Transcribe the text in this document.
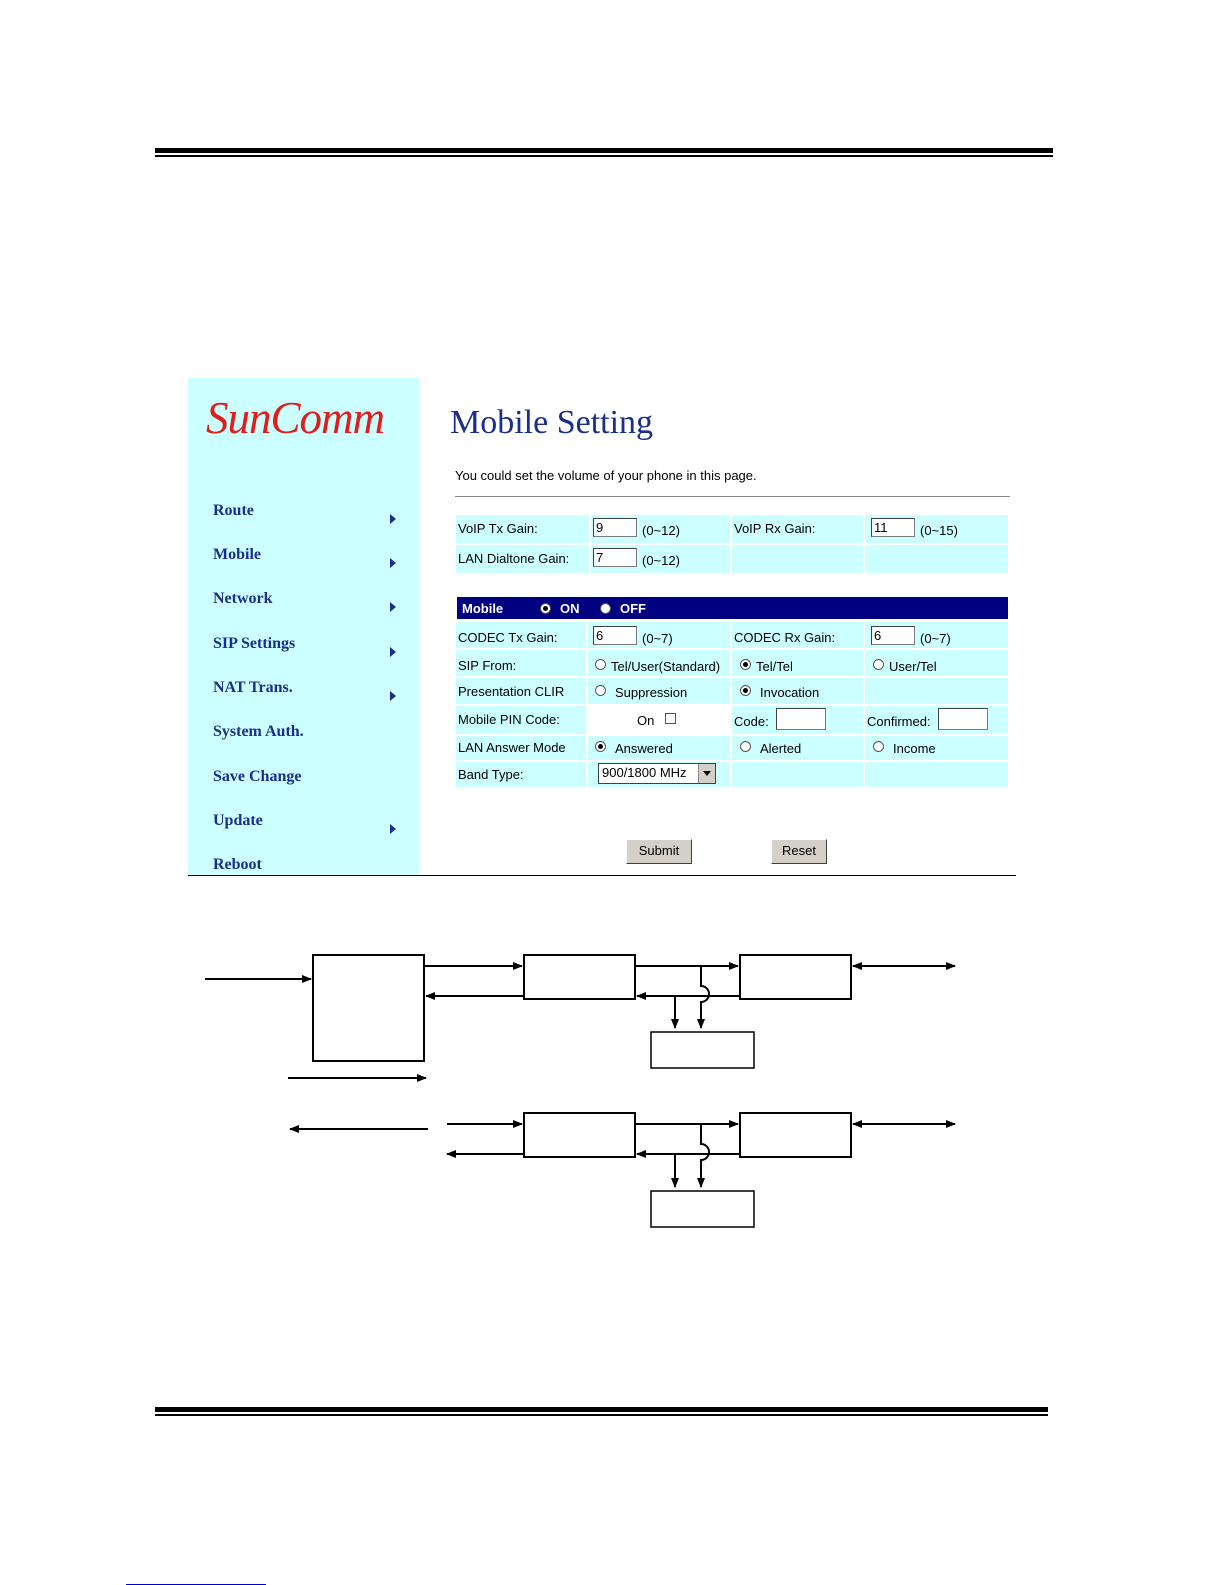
SunComm
Route
Mobile
Network
SIP Settings
NAT Trans.
System Auth.
Save Change
Update
Reboot
Mobile Setting
You could set the volume of your phone in this page.
VoIP Tx Gain:	9	(0~12)	VoIP Rx Gain:	11	(0~15)
LAN Dialtone Gain: 7	(0~12)
Mobile	ON	OFF
CODEC Tx Gain:	6	(0~7)	CODEC Rx Gain:	6	(0~7)
SIP From:	Tel/User(Standard)	Tel/Tel	User/Tel
Presentation CLIR	Suppression	Invocation
Mobile PIN Code:	On	Code:	Confirmed:
LAN Answer Mode	Answered	Alerted	Income
Band Type:	900/1800 MHz
Submit	Reset
